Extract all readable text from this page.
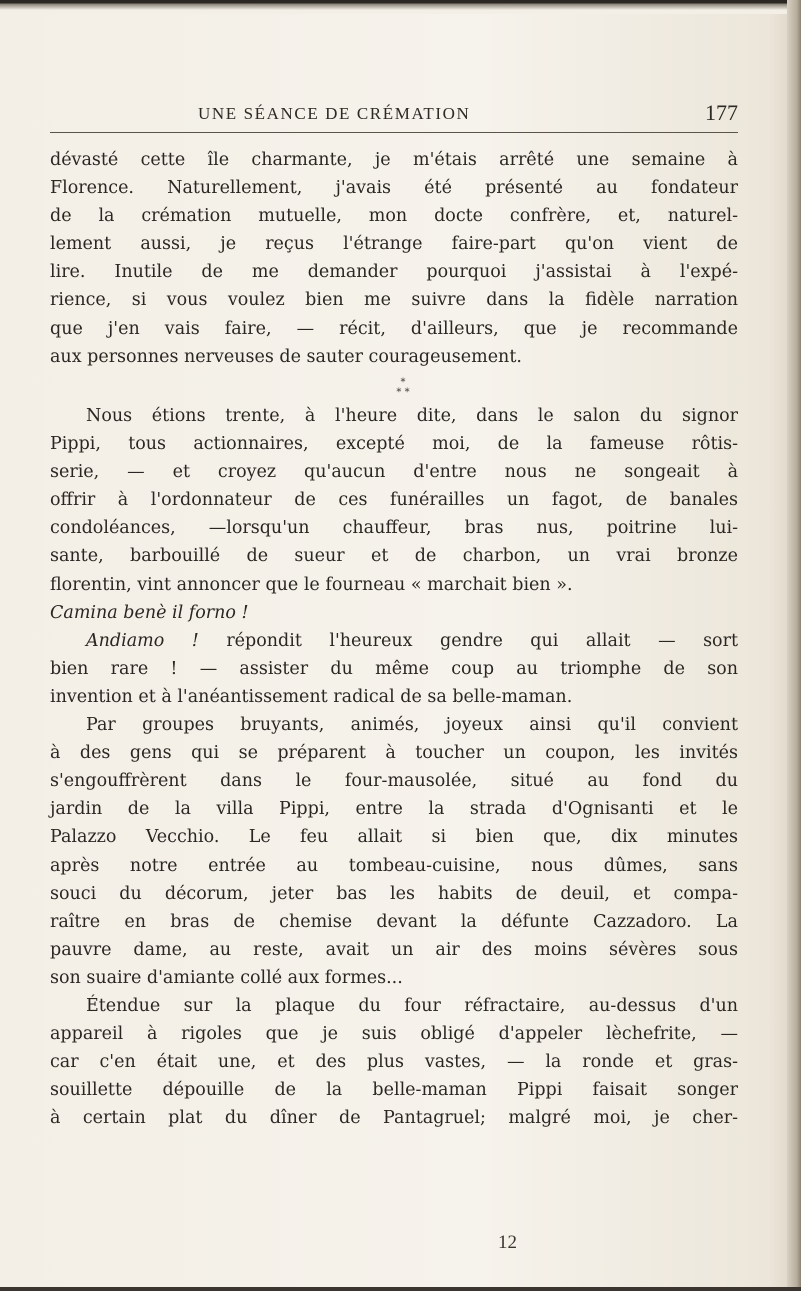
UNE SÉANCE DE CRÉMATION	177
dévasté cette île charmante, je m'étais arrêté une semaine à
Florence. Naturellement, j'avais été présenté au fondateur
de la crémation mutuelle, mon docte confrère, et, naturel-
lement aussi, je reçus l'étrange faire-part qu'on vient de
lire. Inutile de me demander pourquoi j'assistai à l'expé-
rience, si vous voulez bien me suivre dans la fidèle narration
que j'en vais faire, — récit, d'ailleurs, que je recommande
aux personnes nerveuses de sauter courageusement.
*
* *
Nous étions trente, à l'heure dite, dans le salon du signor
Pippi, tous actionnaires, excepté moi, de la fameuse rôtis-
serie, — et croyez qu'aucun d'entre nous ne songeait à
offrir à l'ordonnateur de ces funérailles un fagot, de banales
condoléances, —lorsqu'un chauffeur, bras nus, poitrine lui-
sante, barbouillé de sueur et de charbon, un vrai bronze
florentin, vint annoncer que le fourneau « marchait bien ».
Camina benè il forno !
Andiamo ! répondit l'heureux gendre qui allait — sort
bien rare ! — assister du même coup au triomphe de son
invention et à l'anéantissement radical de sa belle-maman.
Par groupes bruyants, animés, joyeux ainsi qu'il convient
à des gens qui se préparent à toucher un coupon, les invités
s'engouffrèrent dans le four-mausolée, situé au fond du
jardin de la villa Pippi, entre la strada d'Ognisanti et le
Palazzo Vecchio. Le feu allait si bien que, dix minutes
après notre entrée au tombeau-cuisine, nous dûmes, sans
souci du décorum, jeter bas les habits de deuil, et compa-
raître en bras de chemise devant la défunte Cazzadoro. La
pauvre dame, au reste, avait un air des moins sévères sous
son suaire d'amiante collé aux formes...
Étendue sur la plaque du four réfractaire, au-dessus d'un
appareil à rigoles que je suis obligé d'appeler lèchefrite, —
car c'en était une, et des plus vastes, — la ronde et gras-
souillette dépouille de la belle-maman Pippi faisait songer
à certain plat du dîner de Pantagruel; malgré moi, je cher-
12
